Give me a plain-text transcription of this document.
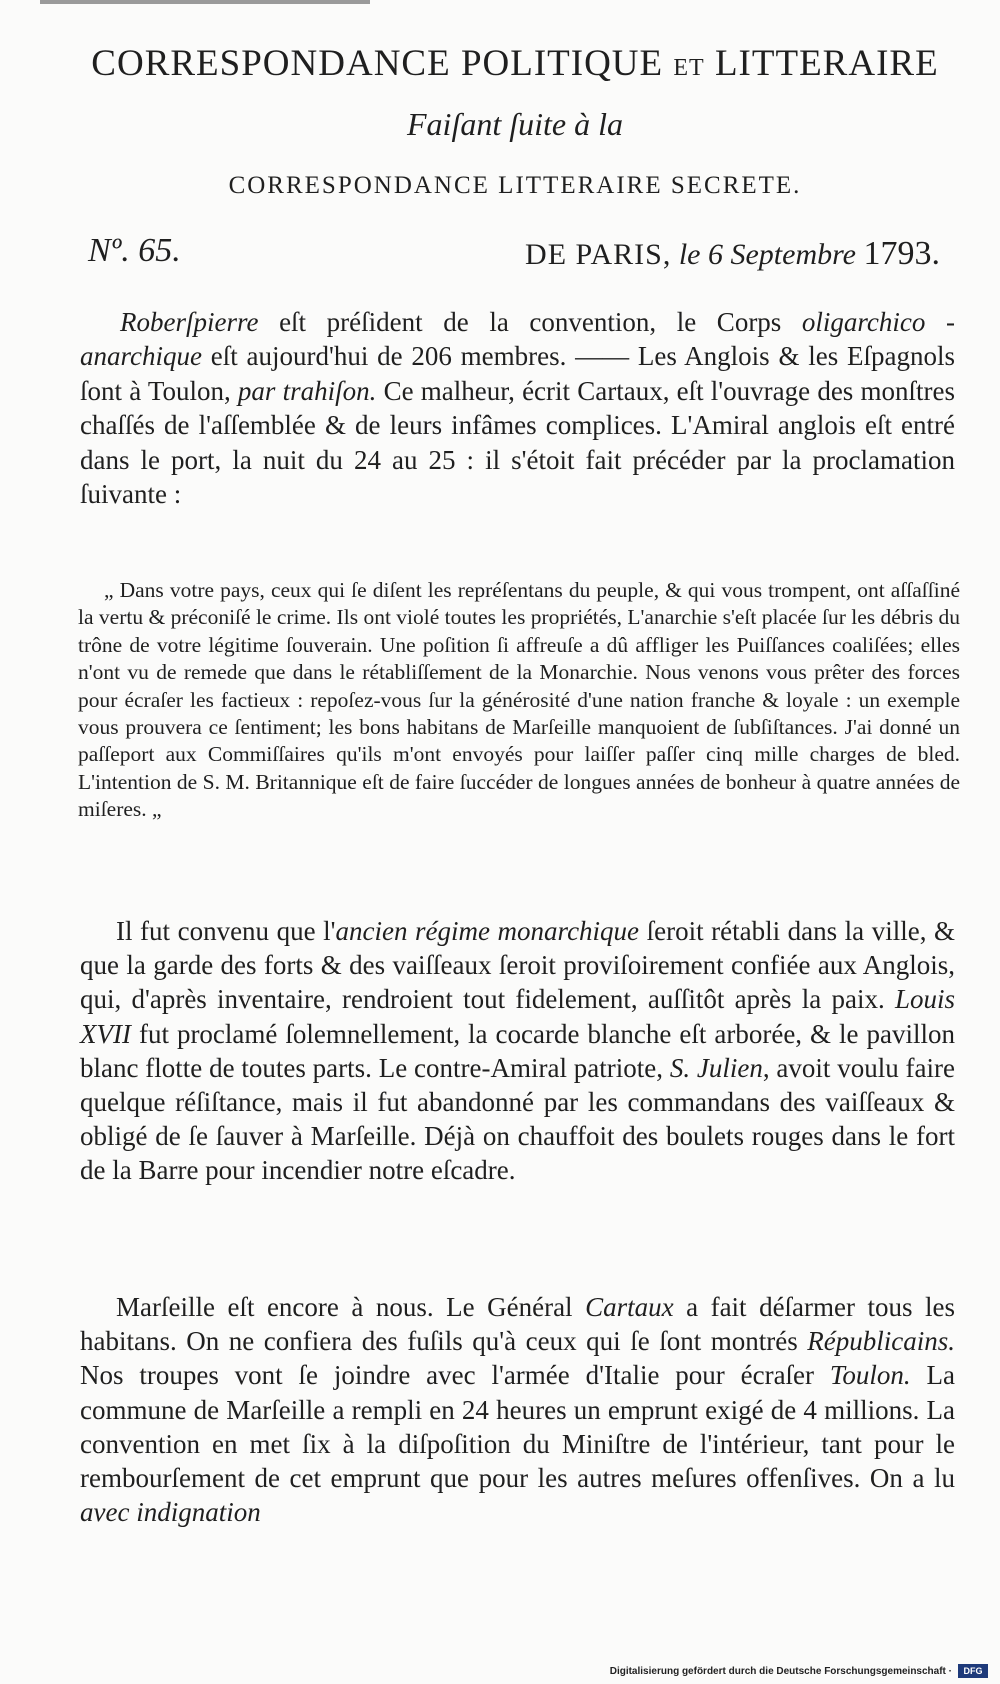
CORRESPONDANCE POLITIQUE ET LITTERAIRE
Faiſant ſuite à la
CORRESPONDANCE LITTERAIRE SECRETE.
Nº. 65.	DE PARIS, le 6 Septembre 1793.
Roberſpierre eſt préſident de la convention, le Corps oligarchico - anarchique eſt aujourd'hui de 206 membres. —— Les Anglois & les Eſpagnols ſont à Toulon, par trahiſon. Ce malheur, écrit Cartaux, eſt l'ouvrage des monſtres chaſſés de l'aſſemblée & de leurs infâmes complices. L'Amiral anglois eſt entré dans le port, la nuit du 24 au 25 : il s'étoit fait précéder par la proclamation ſuivante :
„ Dans votre pays, ceux qui ſe diſent les repréſentans du peuple, & qui vous trompent, ont aſſaſſiné la vertu & préconiſé le crime. Ils ont violé toutes les propriétés, L'anarchie s'eſt placée ſur les débris du trône de votre légitime ſouverain. Une poſition ſi affreuſe a dû affliger les Puiſſances coaliſées; elles n'ont vu de remede que dans le rétabliſſement de la Monarchie. Nous venons vous prêter des forces pour écraſer les factieux : repoſez-vous ſur la générosité d'une nation franche & loyale : un exemple vous prouvera ce ſentiment; les bons habitans de Marſeille manquoient de ſubſiſtances. J'ai donné un paſſeport aux Commiſſaires qu'ils m'ont envoyés pour laiſſer paſſer cinq mille charges de bled. L'intention de S. M. Britannique eſt de faire ſuccéder de longues années de bonheur à quatre années de miſeres. „
Il fut convenu que l'ancien régime monarchique ſeroit rétabli dans la ville, & que la garde des forts & des vaiſſeaux ſeroit proviſoirement confiée aux Anglois, qui, d'après inventaire, rendroient tout fidelement, auſſitôt après la paix. Louis XVII fut proclamé ſolemnellement, la cocarde blanche eſt arborée, & le pavillon blanc flotte de toutes parts. Le contre-Amiral patriote, S. Julien, avoit voulu faire quelque réſiſtance, mais il fut abandonné par les commandans des vaiſſeaux & obligé de ſe ſauver à Marſeille. Déjà on chauffoit des boulets rouges dans le fort de la Barre pour incendier notre eſcadre.
Marſeille eſt encore à nous. Le Général Cartaux a fait déſarmer tous les habitans. On ne confiera des fuſils qu'à ceux qui ſe ſont montrés Républicains. Nos troupes vont ſe joindre avec l'armée d'Italie pour écraſer Toulon. La commune de Marſeille a rempli en 24 heures un emprunt exigé de 4 millions. La convention en met ſix à la diſpoſition du Miniſtre de l'intérieur, tant pour le rembourſement de cet emprunt que pour les autres meſures offenſives. On a lu avec indignation
Digitalisierung gefördert durch die Deutsche Forschungsgemeinschaft ·	DFG
